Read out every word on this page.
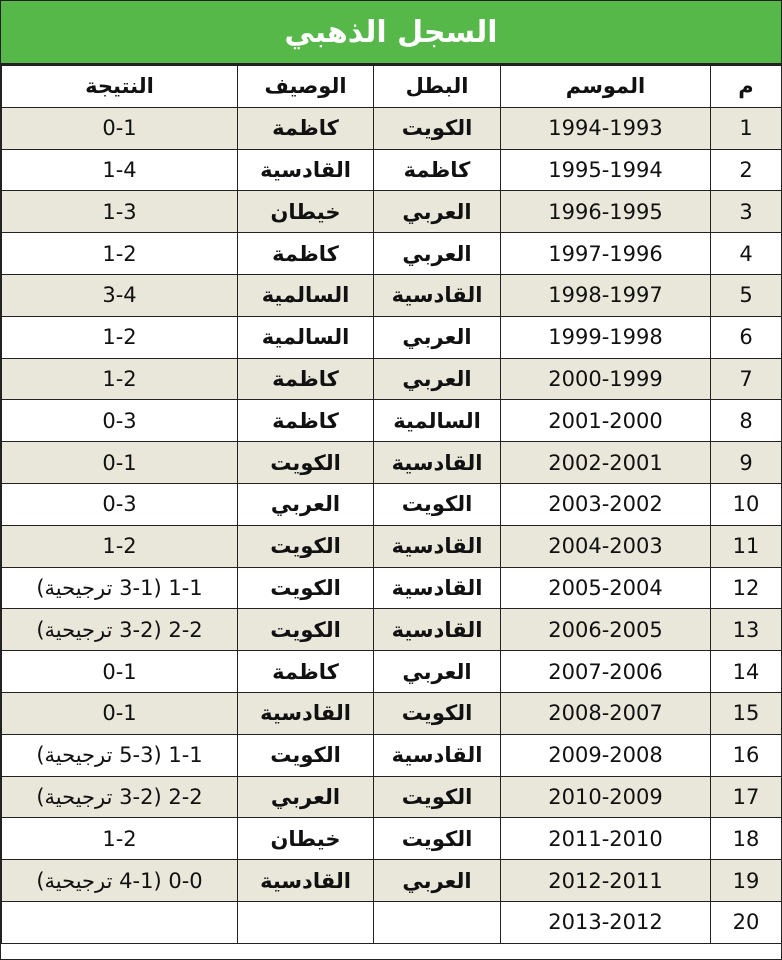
السجل الذهبي
م	الموسم	البطل	الوصيف	النتيجة
1	1994-1993	الكويت	كاظمة	0-1
2	1995-1994	كاظمة	القادسية	1-4
3	1996-1995	العربي	خيطان	1-3
4	1997-1996	العربي	كاظمة	1-2
5	1998-1997	القادسية	السالمية	3-4
6	1999-1998	العربي	السالمية	1-2
7	2000-1999	العربي	كاظمة	1-2
8	2001-2000	السالمية	كاظمة	0-3
9	2002-2001	القادسية	الكويت	0-1
10	2003-2002	الكويت	العربي	0-3
11	2004-2003	القادسية	الكويت	1-2
12	2005-2004	القادسية	الكويت	1-1 (3-1 ترجيحية)
13	2006-2005	القادسية	الكويت	2-2 (3-2 ترجيحية)
14	2007-2006	العربي	كاظمة	0-1
15	2008-2007	الكويت	القادسية	0-1
16	2009-2008	القادسية	الكويت	1-1 (5-3 ترجيحية)
17	2010-2009	الكويت	العربي	2-2 (3-2 ترجيحية)
18	2011-2010	الكويت	خيطان	1-2
19	2012-2011	العربي	القادسية	0-0 (4-1 ترجيحية)
20	2013-2012			
